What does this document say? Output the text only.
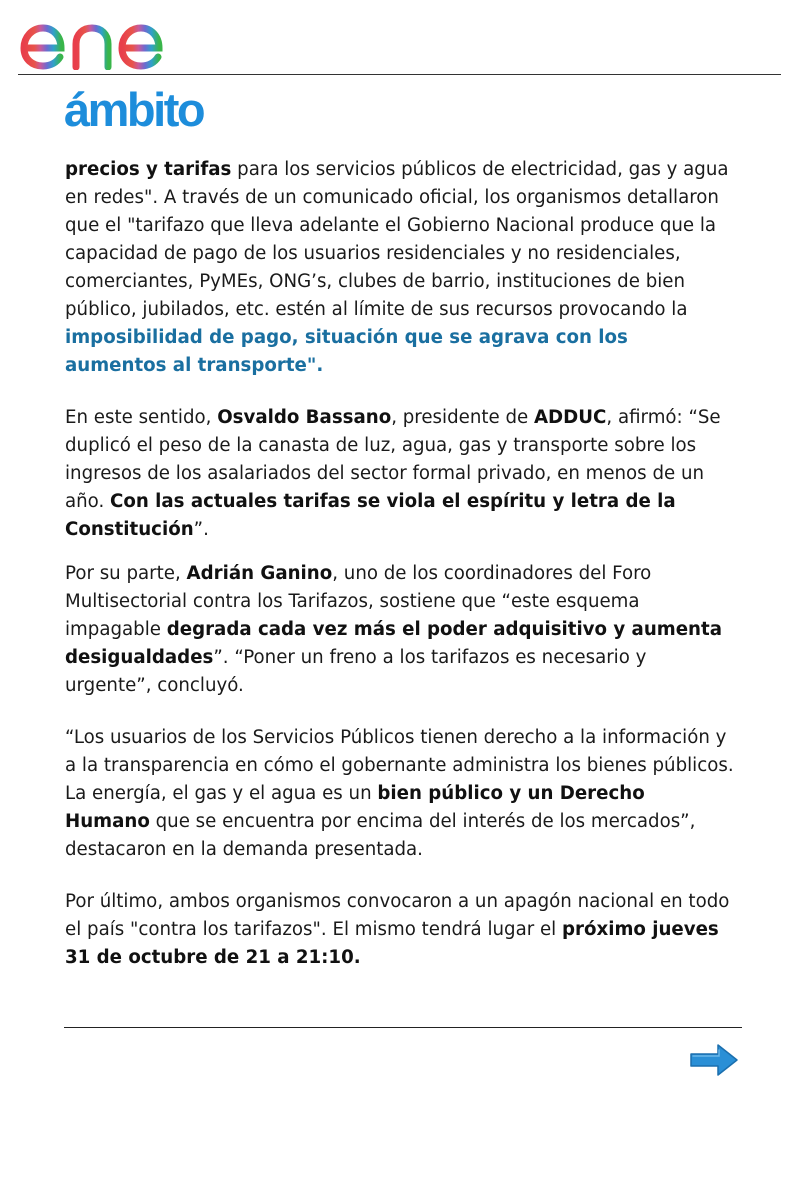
ámbito

precios y tarifas para los servicios públicos de electricidad, gas y agua en redes". A través de un comunicado oficial, los organismos detallaron que el "tarifazo que lleva adelante el Gobierno Nacional produce que la capacidad de pago de los usuarios residenciales y no residenciales, comerciantes, PyMEs, ONG’s, clubes de barrio, instituciones de bien público, jubilados, etc. estén al límite de sus recursos provocando la imposibilidad de pago, situación que se agrava con los aumentos al transporte".

En este sentido, Osvaldo Bassano, presidente de ADDUC, afirmó: “Se duplicó el peso de la canasta de luz, agua, gas y transporte sobre los ingresos de los asalariados del sector formal privado, en menos de un año. Con las actuales tarifas se viola el espíritu y letra de la Constitución”.

Por su parte, Adrián Ganino, uno de los coordinadores del Foro Multisectorial contra los Tarifazos, sostiene que “este esquema impagable degrada cada vez más el poder adquisitivo y aumenta desigualdades”. “Poner un freno a los tarifazos es necesario y urgente”, concluyó.

“Los usuarios de los Servicios Públicos tienen derecho a la información y a la transparencia en cómo el gobernante administra los bienes públicos. La energía, el gas y el agua es un bien público y un Derecho Humano que se encuentra por encima del interés de los mercados”, destacaron en la demanda presentada.

Por último, ambos organismos convocaron a un apagón nacional en todo el país "contra los tarifazos". El mismo tendrá lugar el próximo jueves 31 de octubre de 21 a 21:10.
